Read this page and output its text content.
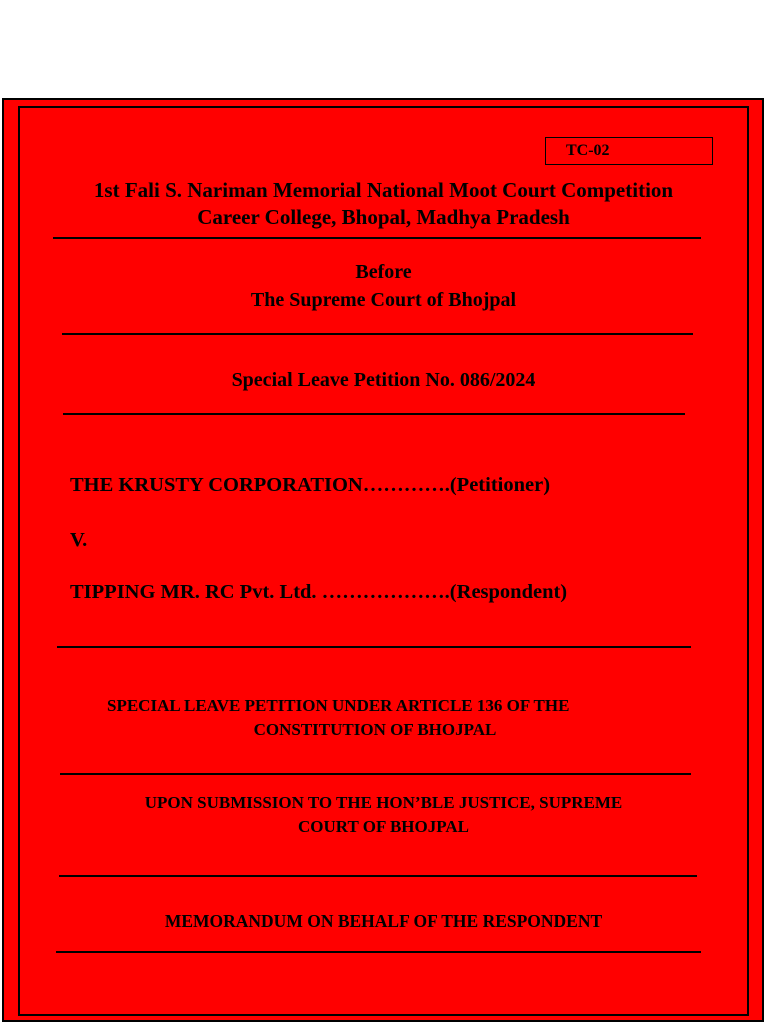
TC-02
1st Fali S. Nariman Memorial National Moot Court Competition
Career College, Bhopal, Madhya Pradesh
Before
The Supreme Court of Bhojpal
Special Leave Petition No. 086/2024
THE KRUSTY CORPORATION………….(Petitioner)
V.
TIPPING MR. RC Pvt. Ltd. ……………….(Respondent)
SPECIAL LEAVE PETITION UNDER ARTICLE 136 OF THE
CONSTITUTION OF BHOJPAL
UPON SUBMISSION TO THE HON’BLE JUSTICE, SUPREME
COURT OF BHOJPAL
MEMORANDUM ON BEHALF OF THE RESPONDENT
